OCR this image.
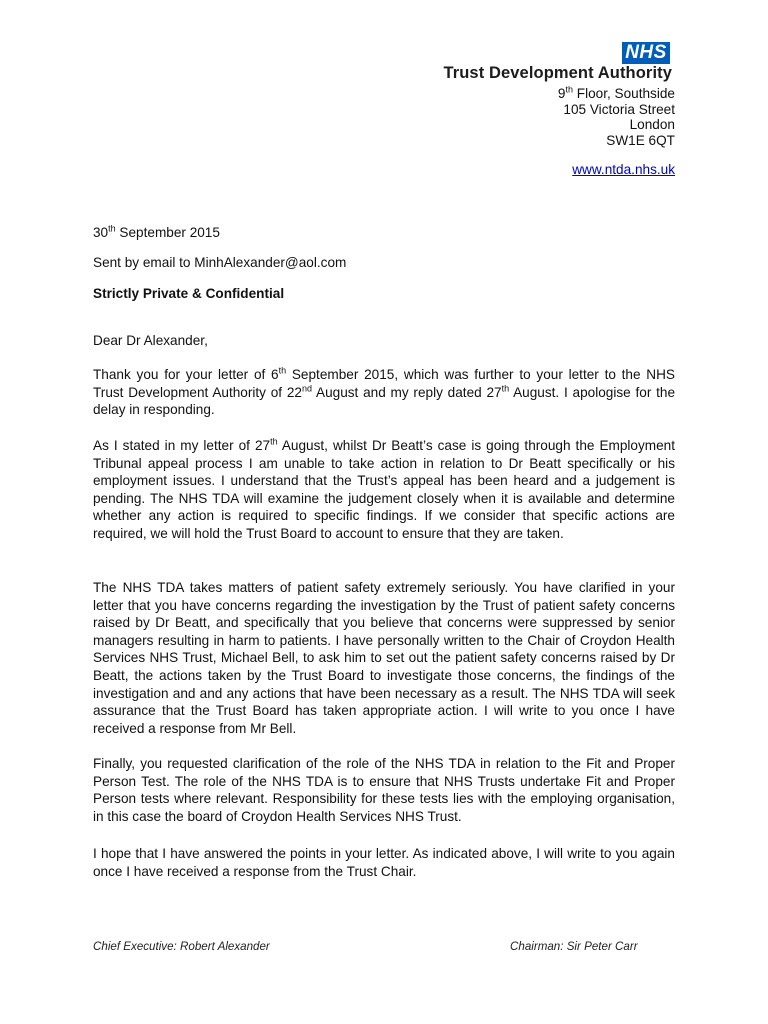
NHS
Trust Development Authority
9th Floor, Southside
105 Victoria Street
London
SW1E 6QT
www.ntda.nhs.uk
30th September 2015
Sent by email to MinhAlexander@aol.com
Strictly Private & Confidential
Dear Dr Alexander,
Thank you for your letter of 6th September 2015, which was further to your letter to the NHS Trust Development Authority of 22nd August and my reply dated 27th August. I apologise for the delay in responding.
As I stated in my letter of 27th August, whilst Dr Beatt’s case is going through the Employment Tribunal appeal process I am unable to take action in relation to Dr Beatt specifically or his employment issues. I understand that the Trust’s appeal has been heard and a judgement is pending. The NHS TDA will examine the judgement closely when it is available and determine whether any action is required to specific findings. If we consider that specific actions are required, we will hold the Trust Board to account to ensure that they are taken.
The NHS TDA takes matters of patient safety extremely seriously. You have clarified in your letter that you have concerns regarding the investigation by the Trust of patient safety concerns raised by Dr Beatt, and specifically that you believe that concerns were suppressed by senior managers resulting in harm to patients. I have personally written to the Chair of Croydon Health Services NHS Trust, Michael Bell, to ask him to set out the patient safety concerns raised by Dr Beatt, the actions taken by the Trust Board to investigate those concerns, the findings of the investigation and and any actions that have been necessary as a result. The NHS TDA will seek assurance that the Trust Board has taken appropriate action. I will write to you once I have received a response from Mr Bell.
Finally, you requested clarification of the role of the NHS TDA in relation to the Fit and Proper Person Test. The role of the NHS TDA is to ensure that NHS Trusts undertake Fit and Proper Person tests where relevant. Responsibility for these tests lies with the employing organisation, in this case the board of Croydon Health Services NHS Trust.
I hope that I have answered the points in your letter. As indicated above, I will write to you again once I have received a response from the Trust Chair.
Chief Executive: Robert Alexander	Chairman: Sir Peter Carr
